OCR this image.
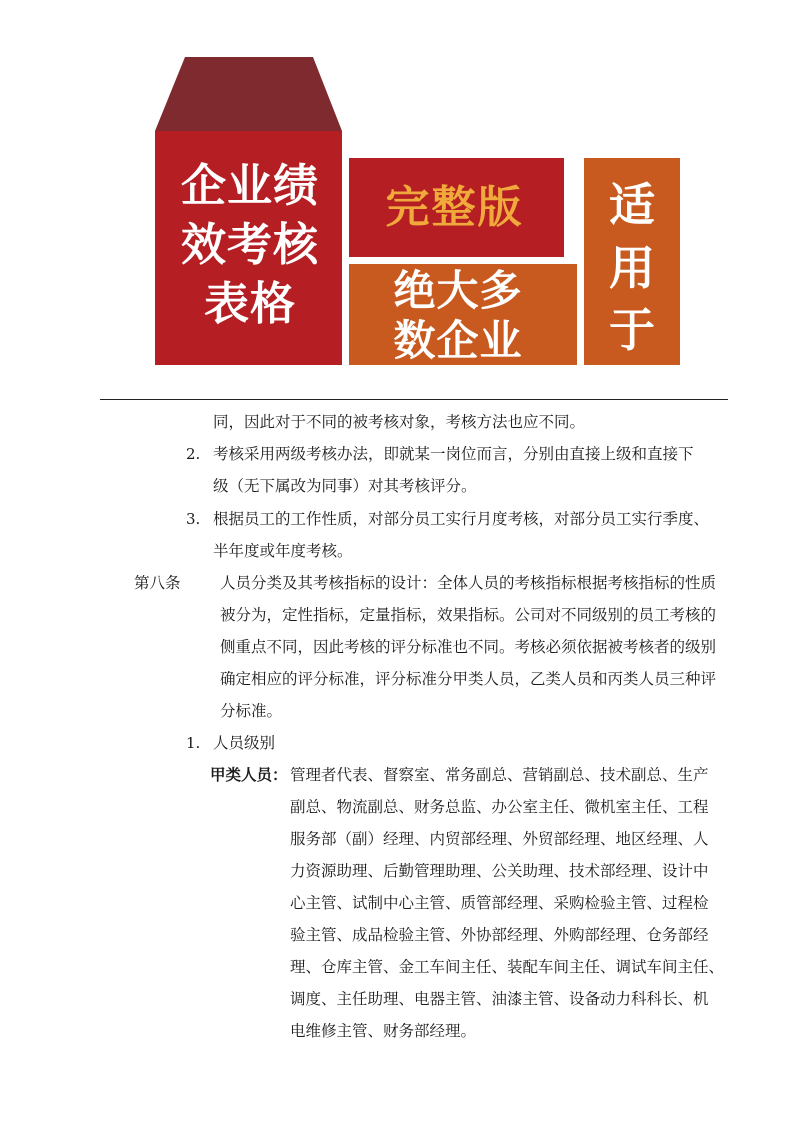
企业绩
效考核
表格
完整版
绝大多
数企业
适
用
于
同，因此对于不同的被考核对象，考核方法也应不同。
2. 考核采用两级考核办法，即就某一岗位而言，分别由直接上级和直接下
级（无下属改为同事）对其考核评分。
3. 根据员工的工作性质，对部分员工实行月度考核，对部分员工实行季度、
半年度或年度考核。
第八条	人员分类及其考核指标的设计：全体人员的考核指标根据考核指标的性质
被分为，定性指标，定量指标，效果指标。公司对不同级别的员工考核的
侧重点不同，因此考核的评分标准也不同。考核必须依据被考核者的级别
确定相应的评分标准，评分标准分甲类人员，乙类人员和丙类人员三种评
分标准。
1. 人员级别
甲类人员： 管理者代表、督察室、常务副总、营销副总、技术副总、生产
副总、物流副总、财务总监、办公室主任、微机室主任、工程
服务部（副）经理、内贸部经理、外贸部经理、地区经理、人
力资源助理、后勤管理助理、公关助理、技术部经理、设计中
心主管、试制中心主管、质管部经理、采购检验主管、过程检
验主管、成品检验主管、外协部经理、外购部经理、仓务部经
理、仓库主管、金工车间主任、装配车间主任、调试车间主任、
调度、主任助理、电器主管、油漆主管、设备动力科科长、机
电维修主管、财务部经理。
